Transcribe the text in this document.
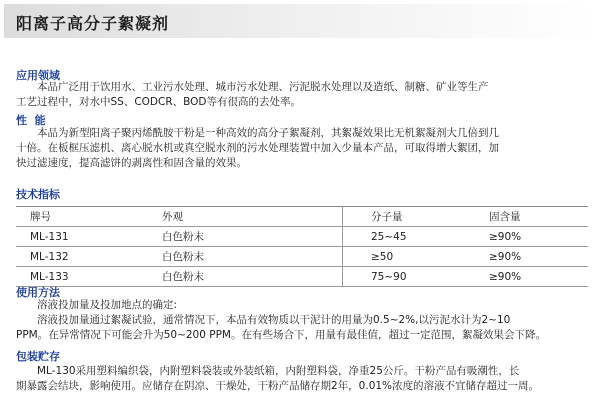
阳离子高分子絮凝剂
应用领域
本品广泛用于饮用水、工业污水处理、城市污水处理、污泥脱水处理以及造纸、制糖、矿业等生产
工艺过程中，对水中SS、CODCR、BOD等有很高的去处率。
性  能
本品为新型阳离子聚丙烯酰胺干粉是一种高效的高分子絮凝剂，其絮凝效果比无机絮凝剂大几倍到几
十倍。在板框压滤机、离心脱水机或真空脱水剂的污水处理装置中加入少量本产品，可取得增大絮团，加
快过滤速度，提高滤饼的剥离性和固含量的效果。
技术指标
牌号	外观	分子量	固含量
ML-131	白色粉末	25~45	≥90%
ML-132	白色粉末	≥50	≥90%
ML-133	白色粉末	75~90	≥90%
使用方法
溶液投加量及投加地点的确定:
溶液投加量通过絮凝试验，通常情况下，本品有效物质以干泥计的用量为0.5~2%,以污泥水计为2~10
PPM。在异常情况下可能会升为50~200 PPM。在有些场合下，用量有最佳值，超过一定范围，絮凝效果会下降。
包装贮存
ML-130采用塑料编织袋，内附塑料袋装或外装纸箱，内附塑料袋，净重25公斤。干粉产品有吸潮性，长
期暴露会结块，影响使用。应储存在阴凉、干燥处，干粉产品储存期2年，0.01%浓度的溶液不宜储存超过一周。
